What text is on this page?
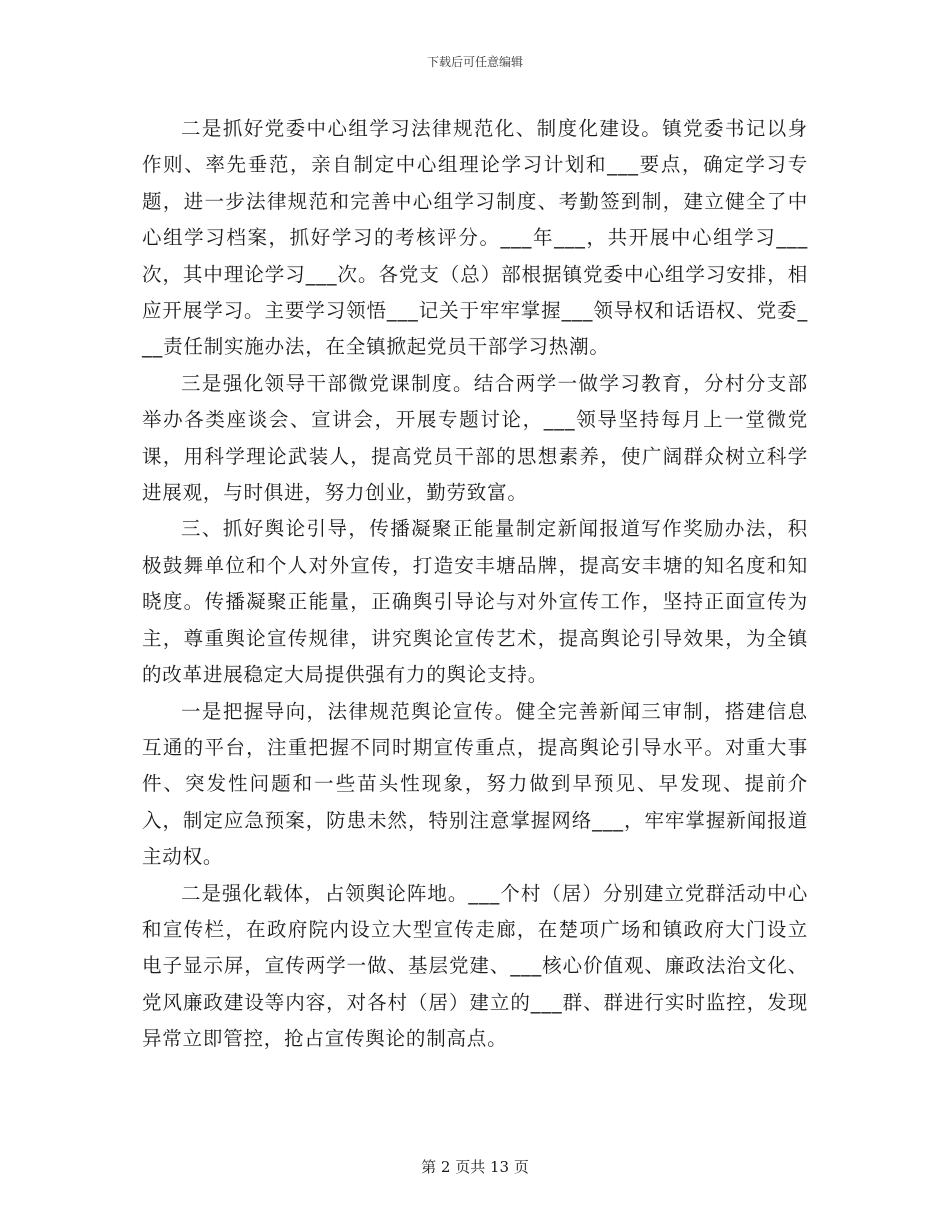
下载后可任意编辑

二是抓好党委中心组学习法律规范化、制度化建设。镇党委书记以身作则、率先垂范，亲自制定中心组理论学习计划和___要点，确定学习专题，进一步法律规范和完善中心组学习制度、考勤签到制，建立健全了中心组学习档案，抓好学习的考核评分。___年___，共开展中心组学习___次，其中理论学习___次。各党支（总）部根据镇党委中心组学习安排，相应开展学习。主要学习领悟___记关于牢牢掌握___领导权和话语权、党委___责任制实施办法，在全镇掀起党员干部学习热潮。

三是强化领导干部微党课制度。结合两学一做学习教育，分村分支部举办各类座谈会、宣讲会，开展专题讨论，___领导坚持每月上一堂微党课，用科学理论武装人，提高党员干部的思想素养，使广阔群众树立科学进展观，与时俱进，努力创业，勤劳致富。

三、抓好舆论引导，传播凝聚正能量制定新闻报道写作奖励办法，积极鼓舞单位和个人对外宣传，打造安丰塘品牌，提高安丰塘的知名度和知晓度。传播凝聚正能量，正确舆引导论与对外宣传工作，坚持正面宣传为主，尊重舆论宣传规律，讲究舆论宣传艺术，提高舆论引导效果，为全镇的改革进展稳定大局提供强有力的舆论支持。

一是把握导向，法律规范舆论宣传。健全完善新闻三审制，搭建信息互通的平台，注重把握不同时期宣传重点，提高舆论引导水平。对重大事件、突发性问题和一些苗头性现象，努力做到早预见、早发现、提前介入，制定应急预案，防患未然，特别注意掌握网络___，牢牢掌握新闻报道主动权。

二是强化载体，占领舆论阵地。___个村（居）分别建立党群活动中心和宣传栏，在政府院内设立大型宣传走廊，在楚项广场和镇政府大门设立电子显示屏，宣传两学一做、基层党建、___核心价值观、廉政法治文化、党风廉政建设等内容，对各村（居）建立的___群、群进行实时监控，发现异常立即管控，抢占宣传舆论的制高点。

第 2 页共 13 页
